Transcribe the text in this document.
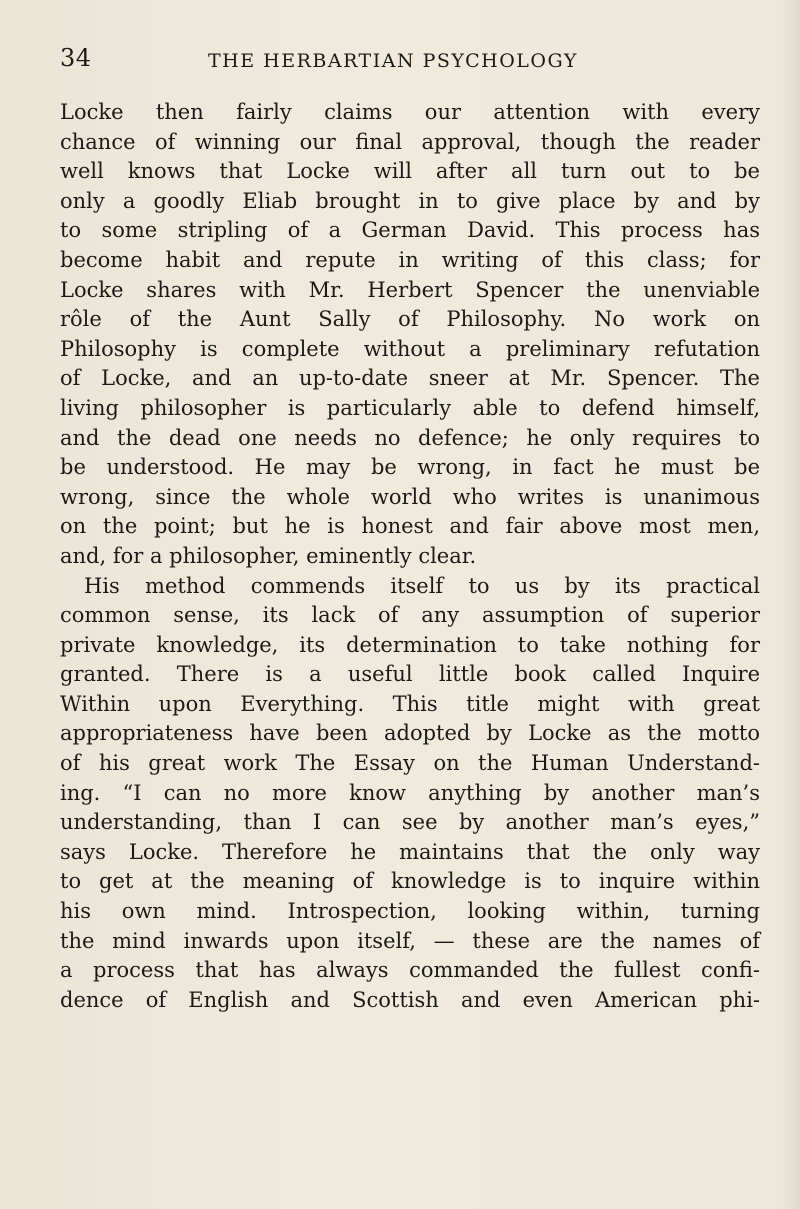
34	THE HERBARTIAN PSYCHOLOGY
Locke then fairly claims our attention with every
chance of winning our final approval, though the reader
well knows that Locke will after all turn out to be
only a goodly Eliab brought in to give place by and by
to some stripling of a German David. This process has
become habit and repute in writing of this class; for
Locke shares with Mr. Herbert Spencer the unenviable
rôle of the Aunt Sally of Philosophy. No work on
Philosophy is complete without a preliminary refutation
of Locke, and an up-to-date sneer at Mr. Spencer. The
living philosopher is particularly able to defend himself,
and the dead one needs no defence; he only requires to
be understood. He may be wrong, in fact he must be
wrong, since the whole world who writes is unanimous
on the point; but he is honest and fair above most men,
and, for a philosopher, eminently clear.
His method commends itself to us by its practical
common sense, its lack of any assumption of superior
private knowledge, its determination to take nothing for
granted. There is a useful little book called Inquire
Within upon Everything. This title might with great
appropriateness have been adopted by Locke as the motto
of his great work The Essay on the Human Understand-
ing. “I can no more know anything by another man’s
understanding, than I can see by another man’s eyes,”
says Locke. Therefore he maintains that the only way
to get at the meaning of knowledge is to inquire within
his own mind. Introspection, looking within, turning
the mind inwards upon itself, — these are the names of
a process that has always commanded the fullest confi-
dence of English and Scottish and even American phi-
